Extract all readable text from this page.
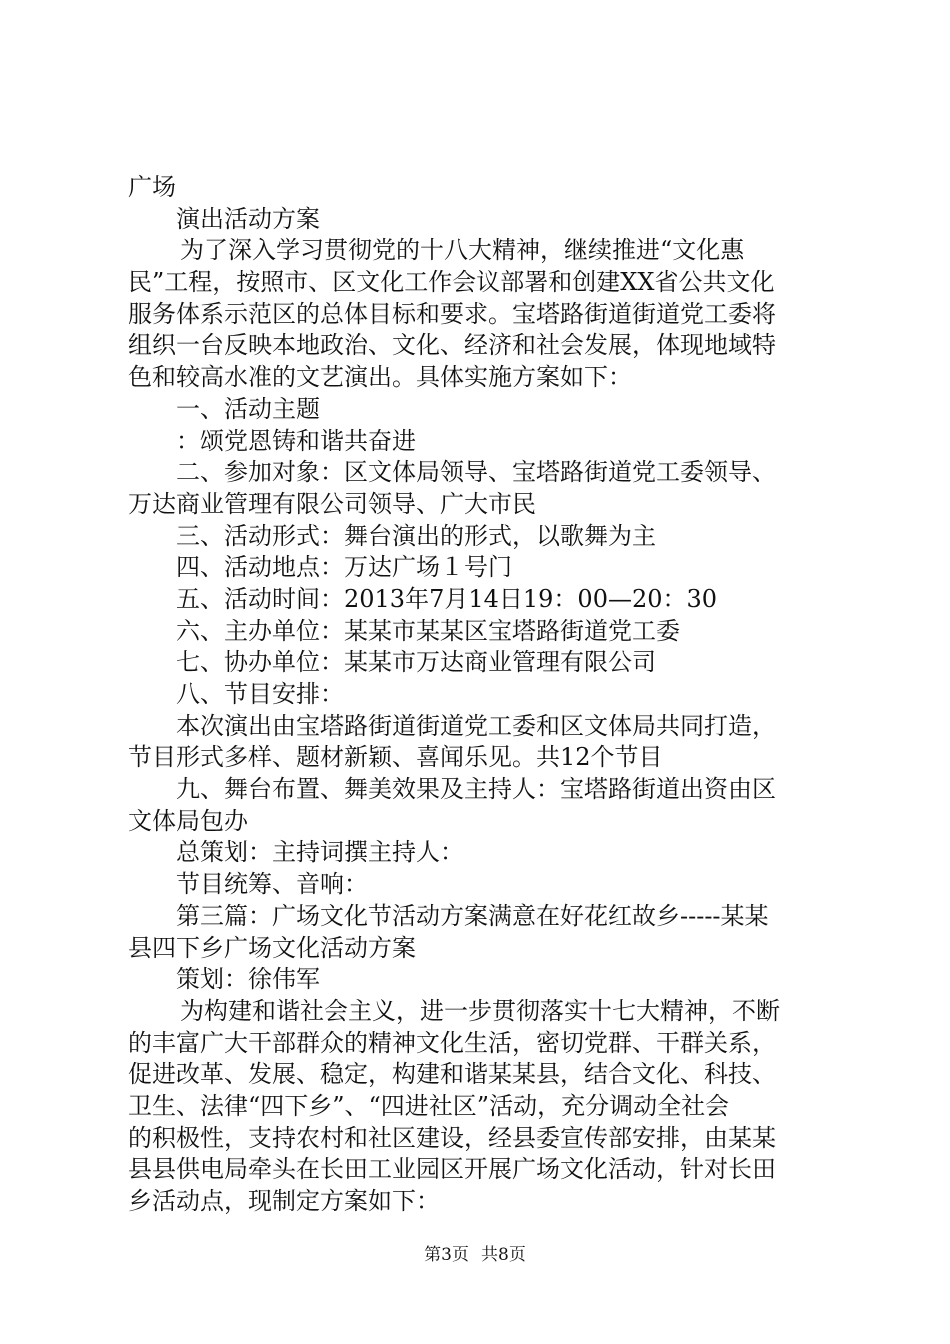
广场
演出活动方案
为了深入学习贯彻党的十八大精神，继续推进“文化惠
民”工程，按照市、区文化工作会议部署和创建XX省公共文化
服务体系示范区的总体目标和要求。宝塔路街道街道党工委将
组织一台反映本地政治、文化、经济和社会发展，体现地域特
色和较高水准的文艺演出。具体实施方案如下：
一、活动主题
：颂党恩铸和谐共奋进
二、参加对象：区文体局领导、宝塔路街道党工委领导、
万达商业管理有限公司领导、广大市民
三、活动形式：舞台演出的形式，以歌舞为主
四、活动地点：万达广场１号门
五、活动时间：2013年7月14日19：00—20：30
六、主办单位：某某市某某区宝塔路街道党工委
七、协办单位：某某市万达商业管理有限公司
八、节目安排：
本次演出由宝塔路街道街道党工委和区文体局共同打造，
节目形式多样、题材新颖、喜闻乐见。共12个节目
九、舞台布置、舞美效果及主持人：宝塔路街道出资由区
文体局包办
总策划：主持词撰主持人：
节目统筹、音响：
第三篇：广场文化节活动方案满意在好花红故乡-----某某
县四下乡广场文化活动方案
策划：徐伟军
为构建和谐社会主义，进一步贯彻落实十七大精神，不断
的丰富广大干部群众的精神文化生活，密切党群、干群关系，
促进改革、发展、稳定，构建和谐某某县，结合文化、科技、
卫生、法律“四下乡”、“四进社区”活动，充分调动全社会
的积极性，支持农村和社区建设，经县委宣传部安排，由某某
县县供电局牵头在长田工业园区开展广场文化活动，针对长田
乡活动点，现制定方案如下：
第3页 共8页
